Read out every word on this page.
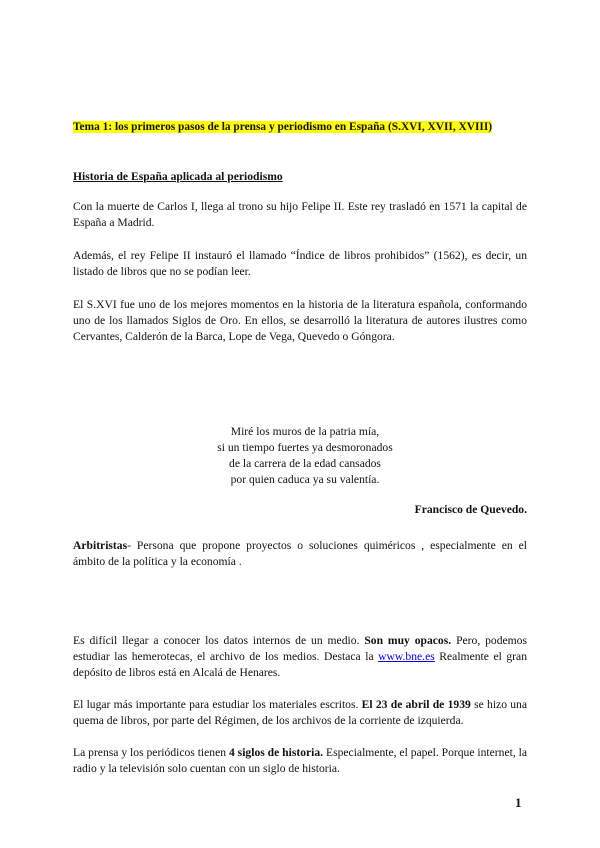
Tema 1: los primeros pasos de la prensa y periodismo en España (S.XVI, XVII, XVIII)
Historia de España aplicada al periodismo
Con la muerte de Carlos I, llega al trono su hijo Felipe II. Este rey trasladó en 1571 la capital de España a Madrid.
Además, el rey Felipe II instauró el llamado “Índice de libros prohibidos” (1562), es decir, un listado de libros que no se podían leer.
El S.XVI fue uno de los mejores momentos en la historia de la literatura española, conformando uno de los llamados Siglos de Oro. En ellos, se desarrolló la literatura de autores ilustres como Cervantes, Calderón de la Barca, Lope de Vega, Quevedo o Góngora.
Miré los muros de la patria mía,
si un tiempo fuertes ya desmoronados
de la carrera de la edad cansados
por quien caduca ya su valentía.
Francisco de Quevedo.
Arbitristas- Persona que propone proyectos o soluciones quiméricos , especialmente en el ámbito de la política y la economía .
Es difícil llegar a conocer los datos internos de un medio. Son muy opacos. Pero, podemos estudiar las hemerotecas, el archivo de los medios. Destaca la www.bne.es Realmente el gran depósito de libros está en Alcalá de Henares.
El lugar más importante para estudiar los materiales escritos. El 23 de abril de 1939 se hizo una quema de libros, por parte del Régimen, de los archivos de la corriente de izquierda.
La prensa y los periódicos tienen 4 siglos de historia. Especialmente, el papel. Porque internet, la radio y la televisión solo cuentan con un siglo de historia.
1
